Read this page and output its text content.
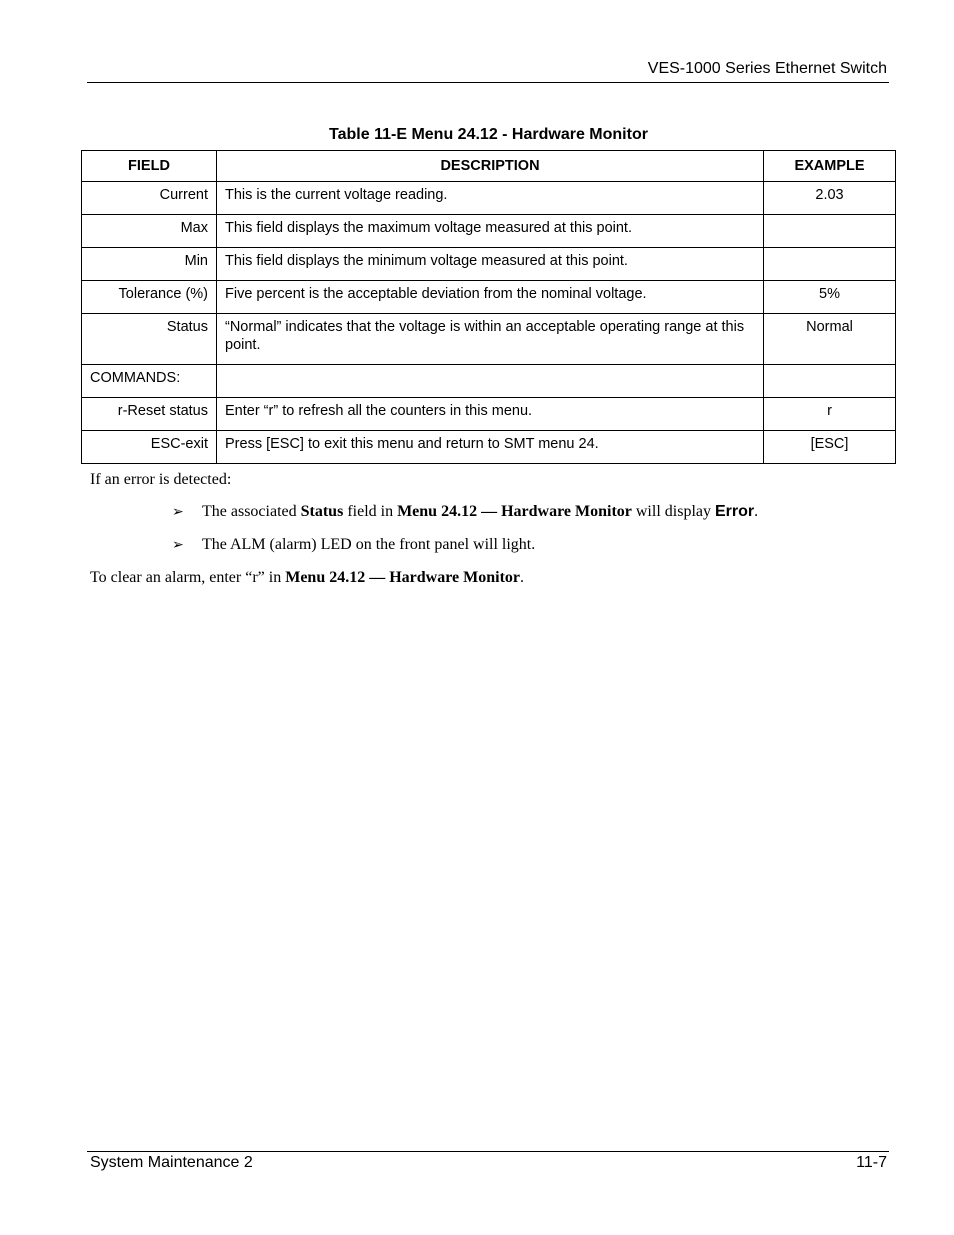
VES-1000 Series Ethernet Switch
Table 11-E Menu 24.12 - Hardware Monitor
FIELD	DESCRIPTION	EXAMPLE
Current	This is the current voltage reading.	2.03
Max	This field displays the maximum voltage measured at this point.	
Min	This field displays the minimum voltage measured at this point.	
Tolerance (%)	Five percent is the acceptable deviation from the nominal voltage.	5%
Status	“Normal” indicates that the voltage is within an acceptable operating range at this point.	Normal
COMMANDS:		
r-Reset status	Enter “r” to refresh all the counters in this menu.	r
ESC-exit	Press [ESC] to exit this menu and return to SMT menu 24.	[ESC]
If an error is detected:
➢	The associated Status field in Menu 24.12 — Hardware Monitor will display Error.
➢	The ALM (alarm) LED on the front panel will light.
To clear an alarm, enter “r” in Menu 24.12 — Hardware Monitor.
System Maintenance 2	11-7
